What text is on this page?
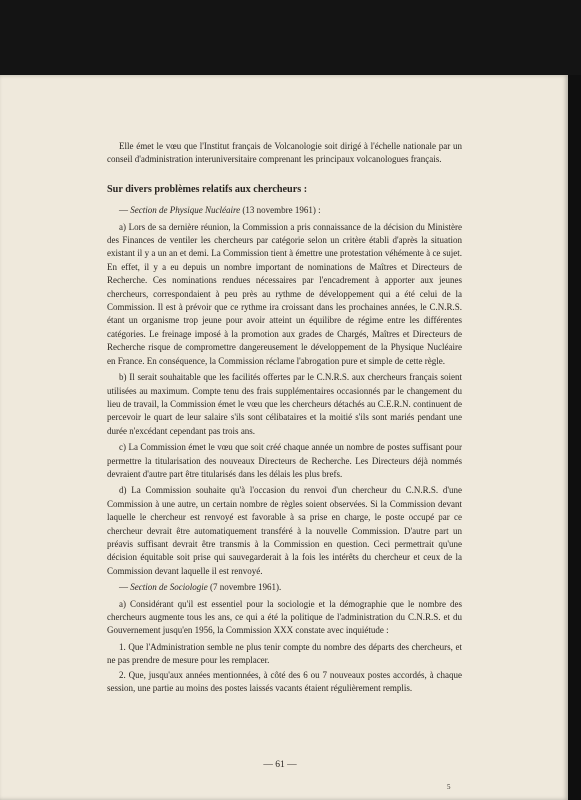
Elle émet le vœu que l'Institut français de Volcanologie soit dirigé à l'échelle nationale par un conseil d'administration interuniversitaire comprenant les principaux volcanologues français.

Sur divers problèmes relatifs aux chercheurs :

— Section de Physique Nucléaire (13 novembre 1961) :

a) Lors de sa dernière réunion, la Commission a pris connaissance de la décision du Ministère des Finances de ventiler les chercheurs par catégorie selon un critère établi d'après la situation existant il y a un an et demi. La Commission tient à émettre une protestation véhémente à ce sujet. En effet, il y a eu depuis un nombre important de nominations de Maîtres et Directeurs de Recherche. Ces nominations rendues nécessaires par l'encadrement à apporter aux jeunes chercheurs, correspondaient à peu près au rythme de développement qui a été celui de la Commission. Il est à prévoir que ce rythme ira croissant dans les prochaines années, le C.N.R.S. étant un organisme trop jeune pour avoir atteint un équilibre de régime entre les différentes catégories. Le freinage imposé à la promotion aux grades de Chargés, Maîtres et Directeurs de Recherche risque de compromettre dangereusement le développement de la Physique Nucléaire en France. En conséquence, la Commission réclame l'abrogation pure et simple de cette règle.

b) Il serait souhaitable que les facilités offertes par le C.N.R.S. aux chercheurs français soient utilisées au maximum. Compte tenu des frais supplémentaires occasionnés par le changement du lieu de travail, la Commission émet le vœu que les chercheurs détachés au C.E.R.N. continuent de percevoir le quart de leur salaire s'ils sont célibataires et la moitié s'ils sont mariés pendant une durée n'excédant cependant pas trois ans.

c) La Commission émet le vœu que soit créé chaque année un nombre de postes suffisant pour permettre la titularisation des nouveaux Directeurs de Recherche. Les Directeurs déjà nommés devraient d'autre part être titularisés dans les délais les plus brefs.

d) La Commission souhaite qu'à l'occasion du renvoi d'un chercheur du C.N.R.S. d'une Commission à une autre, un certain nombre de règles soient observées. Si la Commission devant laquelle le chercheur est renvoyé est favorable à sa prise en charge, le poste occupé par ce chercheur devrait être automatiquement transféré à la nouvelle Commission. D'autre part un préavis suffisant devrait être transmis à la Commission en question. Ceci permettrait qu'une décision équitable soit prise qui sauvegarderait à la fois les intérêts du chercheur et ceux de la Commission devant laquelle il est renvoyé.

— Section de Sociologie (7 novembre 1961).

a) Considérant qu'il est essentiel pour la sociologie et la démographie que le nombre des chercheurs augmente tous les ans, ce qui a été la politique de l'administration du C.N.R.S. et du Gouvernement jusqu'en 1956, la Commission XXX constate avec inquiétude :

1. Que l'Administration semble ne plus tenir compte du nombre des départs des chercheurs, et ne pas prendre de mesure pour les remplacer.

2. Que, jusqu'aux années mentionnées, à côté des 6 ou 7 nouveaux postes accordés, à chaque session, une partie au moins des postes laissés vacants étaient régulièrement remplis.

— 61 —
5
